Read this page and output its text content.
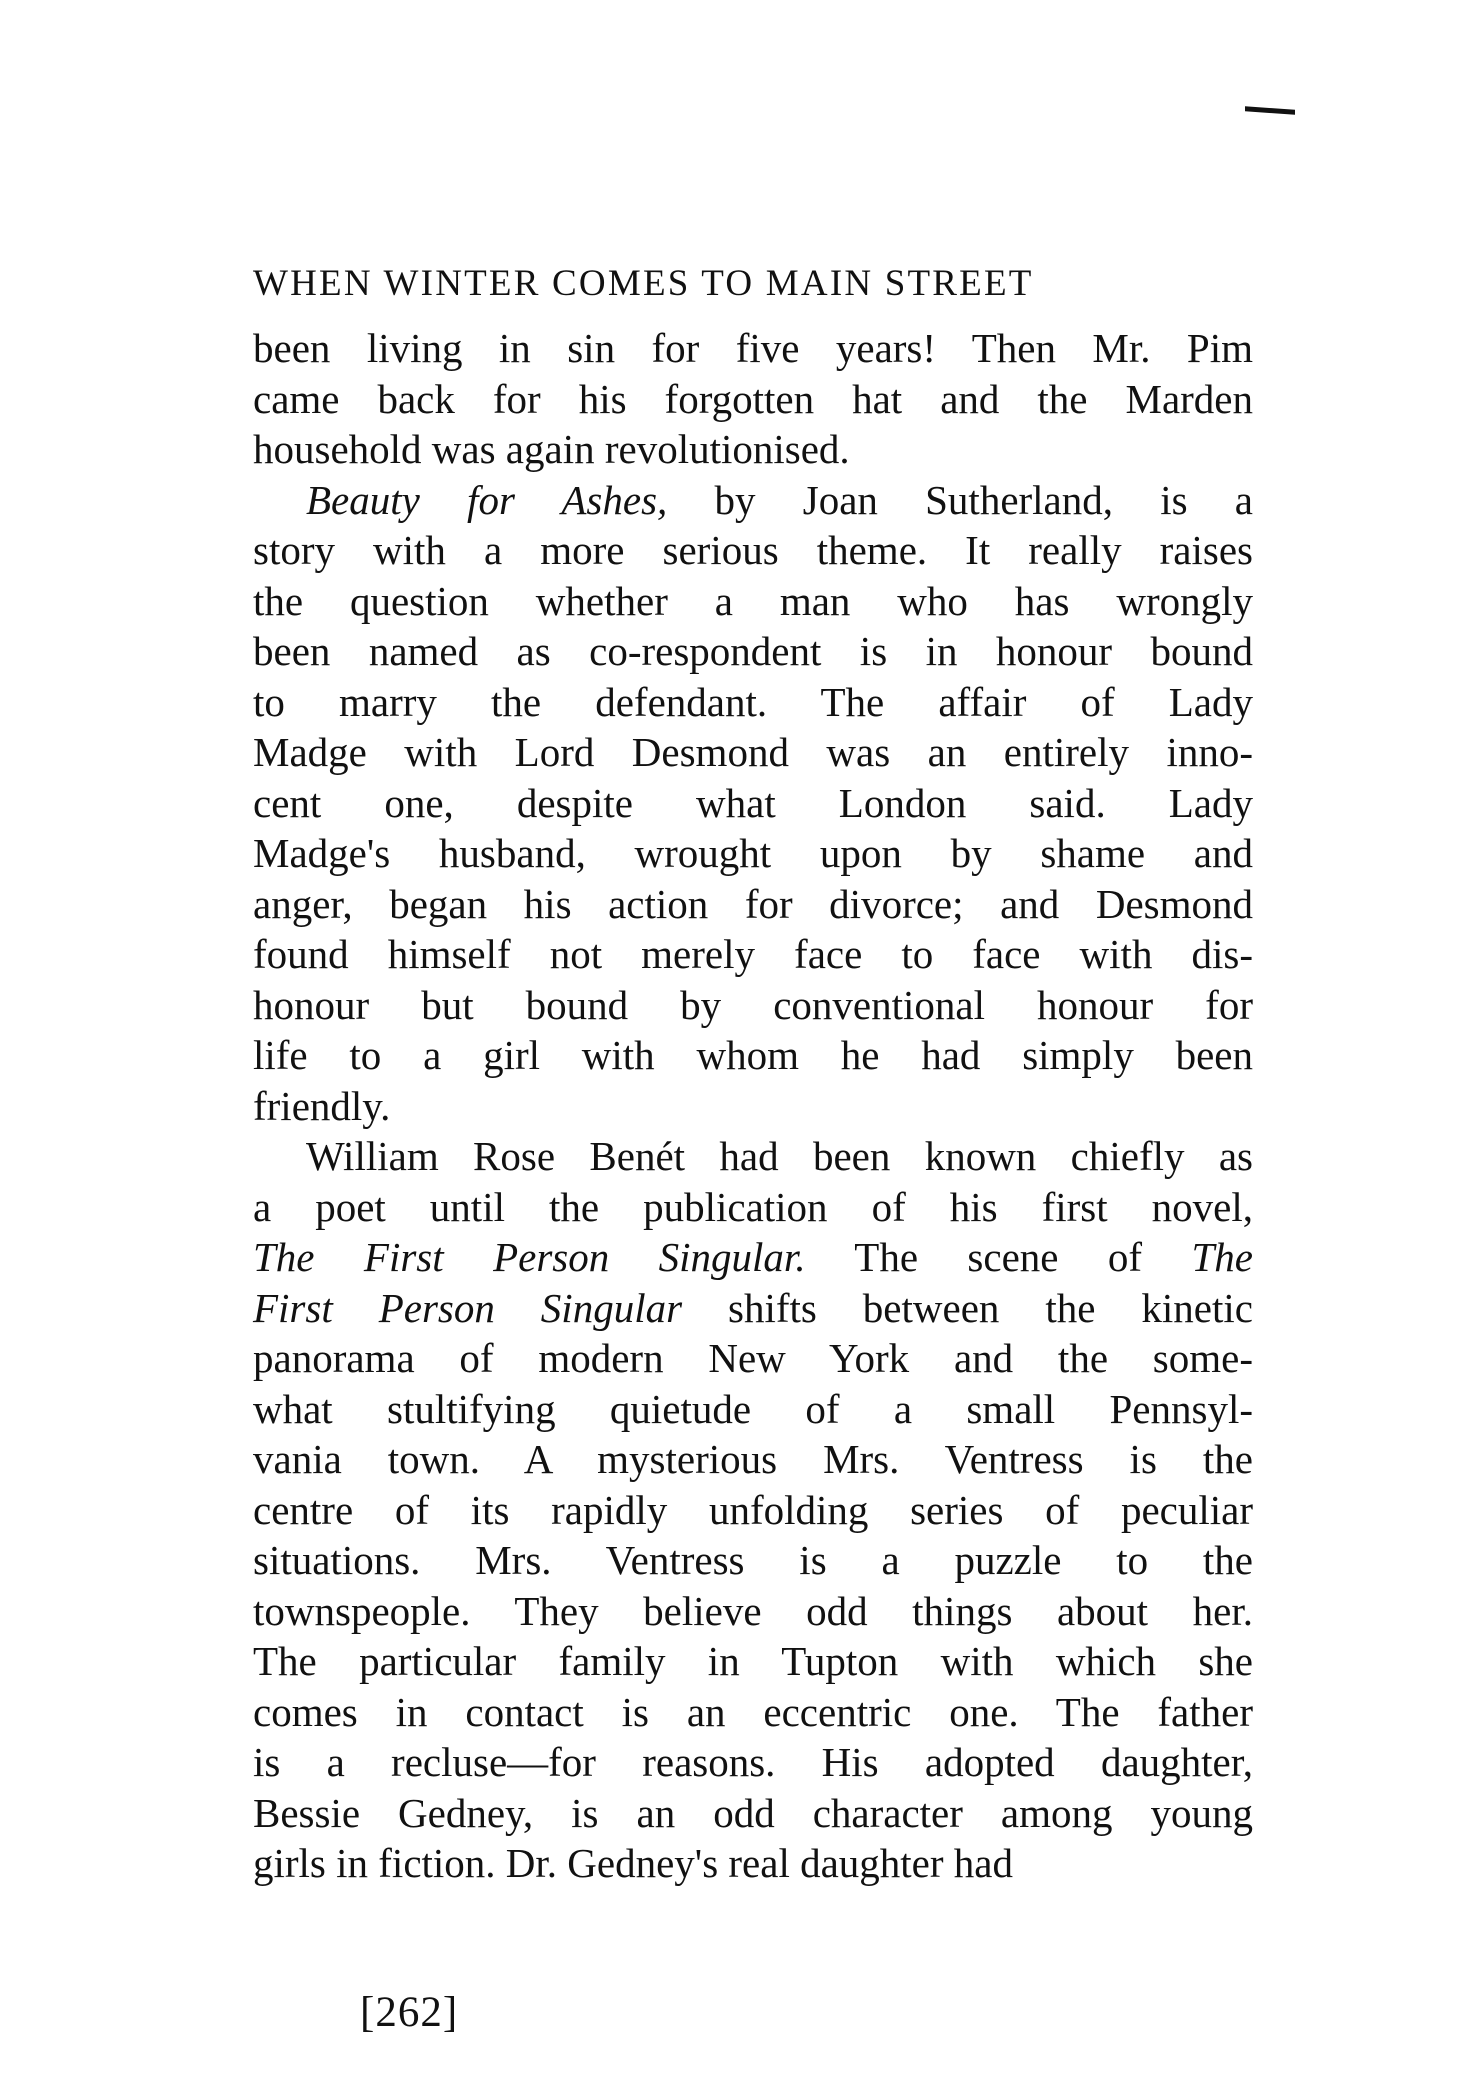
WHEN WINTER COMES TO MAIN STREET
been living in sin for five years! Then Mr. Pim
came back for his forgotten hat and the Marden
household was again revolutionised.
Beauty for Ashes, by Joan Sutherland, is a
story with a more serious theme. It really raises
the question whether a man who has wrongly
been named as co-respondent is in honour bound
to marry the defendant. The affair of Lady
Madge with Lord Desmond was an entirely inno-
cent one, despite what London said. Lady
Madge's husband, wrought upon by shame and
anger, began his action for divorce; and Desmond
found himself not merely face to face with dis-
honour but bound by conventional honour for
life to a girl with whom he had simply been
friendly.
William Rose Benét had been known chiefly as
a poet until the publication of his first novel,
The First Person Singular. The scene of The
First Person Singular shifts between the kinetic
panorama of modern New York and the some-
what stultifying quietude of a small Pennsyl-
vania town. A mysterious Mrs. Ventress is the
centre of its rapidly unfolding series of peculiar
situations. Mrs. Ventress is a puzzle to the
townspeople. They believe odd things about her.
The particular family in Tupton with which she
comes in contact is an eccentric one. The father
is a recluse—for reasons. His adopted daughter,
Bessie Gedney, is an odd character among young
girls in fiction. Dr. Gedney's real daughter had
[262]
